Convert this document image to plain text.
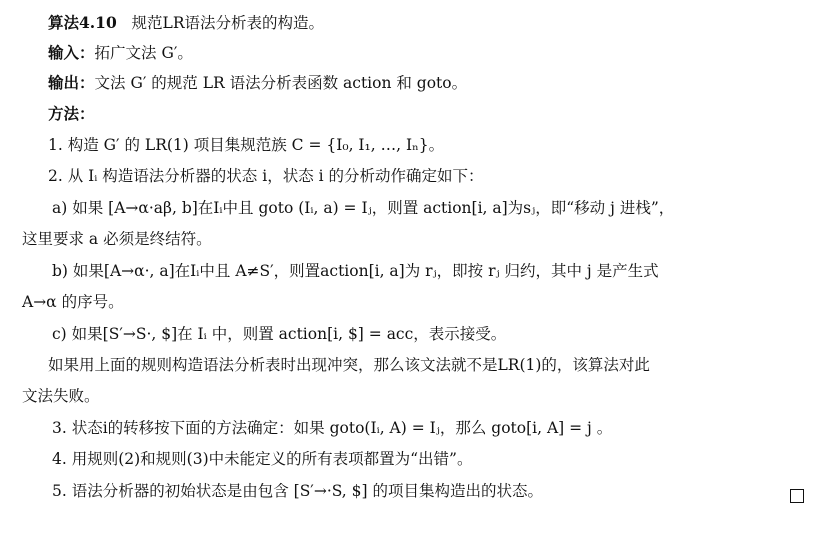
算法4.10 规范LR语法分析表的构造。
输入：拓广文法 G′。
输出：文法 G′ 的规范 LR 语法分析表函数 action 和 goto。
方法：
1. 构造 G′ 的 LR(1) 项目集规范族 C = {I₀, I₁, …, Iₙ}。
2. 从 Iᵢ 构造语法分析器的状态 i，状态 i 的分析动作确定如下：
a) 如果 [A→α·aβ, b]在Iᵢ中且 goto (Iᵢ, a) = Iⱼ，则置 action[i, a]为sⱼ，即“移动 j 进栈”，
这里要求 a 必须是终结符。
b) 如果[A→α·, a]在Iᵢ中且 A≠S′，则置action[i, a]为 rⱼ，即按 rⱼ 归约，其中 j 是产生式
A→α 的序号。
c) 如果[S′→S·, $]在 Iᵢ 中，则置 action[i, $] = acc，表示接受。
如果用上面的规则构造语法分析表时出现冲突，那么该文法就不是LR(1)的，该算法对此
文法失败。
3. 状态i的转移按下面的方法确定：如果 goto(Iᵢ, A) = Iⱼ，那么 goto[i, A] = j 。
4. 用规则(2)和规则(3)中未能定义的所有表项都置为“出错”。
5. 语法分析器的初始状态是由包含 [S′→·S, $] 的项目集构造出的状态。
